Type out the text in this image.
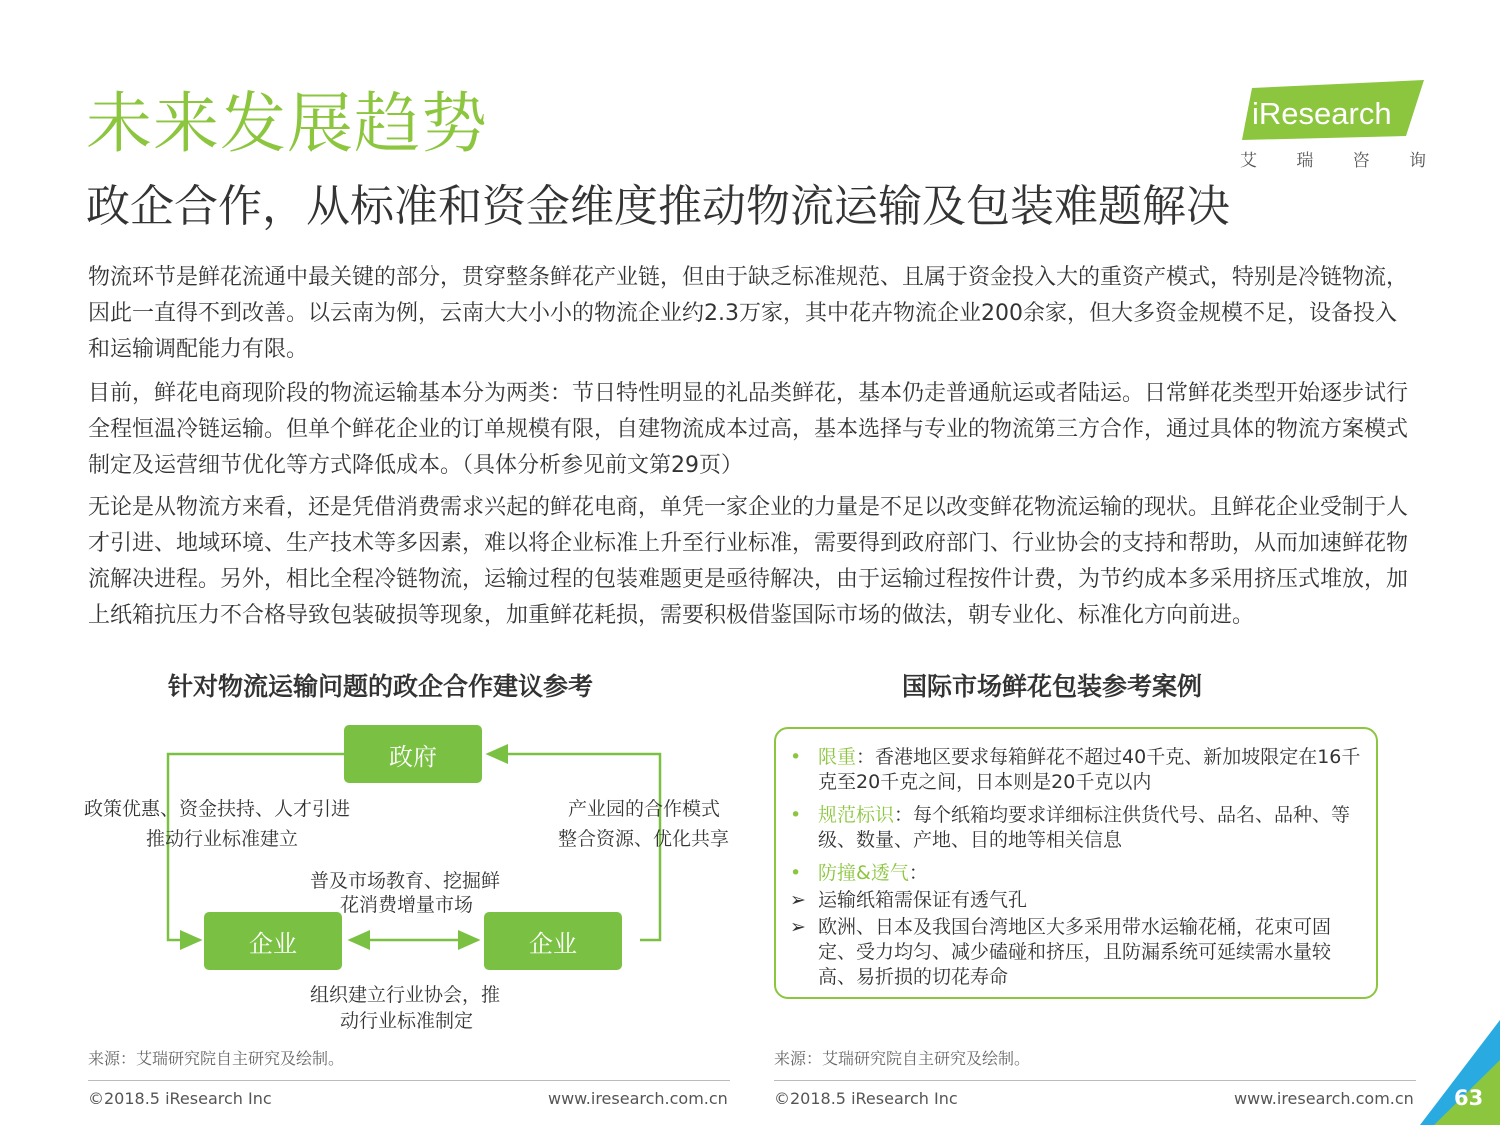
未来发展趋势
政企合作，从标准和资金维度推动物流运输及包装难题解决
iResearch
艾 瑞 咨 询

物流环节是鲜花流通中最关键的部分，贯穿整条鲜花产业链，但由于缺乏标准规范、且属于资金投入大的重资产模式，特别是冷链物流，因此一直得不到改善。以云南为例，云南大大小小的物流企业约2.3万家，其中花卉物流企业200余家，但大多资金规模不足，设备投入和运输调配能力有限。

目前，鲜花电商现阶段的物流运输基本分为两类：节日特性明显的礼品类鲜花，基本仍走普通航运或者陆运。日常鲜花类型开始逐步试行全程恒温冷链运输。但单个鲜花企业的订单规模有限，自建物流成本过高，基本选择与专业的物流第三方合作，通过具体的物流方案模式制定及运营细节优化等方式降低成本。（具体分析参见前文第29页）

无论是从物流方来看，还是凭借消费需求兴起的鲜花电商，单凭一家企业的力量是不足以改变鲜花物流运输的现状。且鲜花企业受制于人才引进、地域环境、生产技术等多因素，难以将企业标准上升至行业标准，需要得到政府部门、行业协会的支持和帮助，从而加速鲜花物流解决进程。另外，相比全程冷链物流，运输过程的包装难题更是亟待解决，由于运输过程按件计费，为节约成本多采用挤压式堆放，加上纸箱抗压力不合格导致包装破损等现象，加重鲜花耗损，需要积极借鉴国际市场的做法，朝专业化、标准化方向前进。

针对物流运输问题的政企合作建议参考	国际市场鲜花包装参考案例
政府
企业	企业
政策优惠、资金扶持、人才引进
推动行业标准建立
产业园的合作模式
整合资源、优化共享
普及市场教育、挖掘鲜
花消费增量市场
组织建立行业协会，推
动行业标准制定
• 限重：香港地区要求每箱鲜花不超过40千克、新加坡限定在16千克至20千克之间，日本则是20千克以内
• 规范标识：每个纸箱均要求详细标注供货代号、品名、品种、等级、数量、产地、目的地等相关信息
• 防撞&透气：
➢ 运输纸箱需保证有透气孔
➢ 欧洲、日本及我国台湾地区大多采用带水运输花桶，花束可固定、受力均匀、减少磕碰和挤压，且防漏系统可延续需水量较高、易折损的切花寿命
来源：艾瑞研究院自主研究及绘制。	来源：艾瑞研究院自主研究及绘制。
©2018.5 iResearch Inc	www.iresearch.com.cn	©2018.5 iResearch Inc	www.iresearch.com.cn 63
